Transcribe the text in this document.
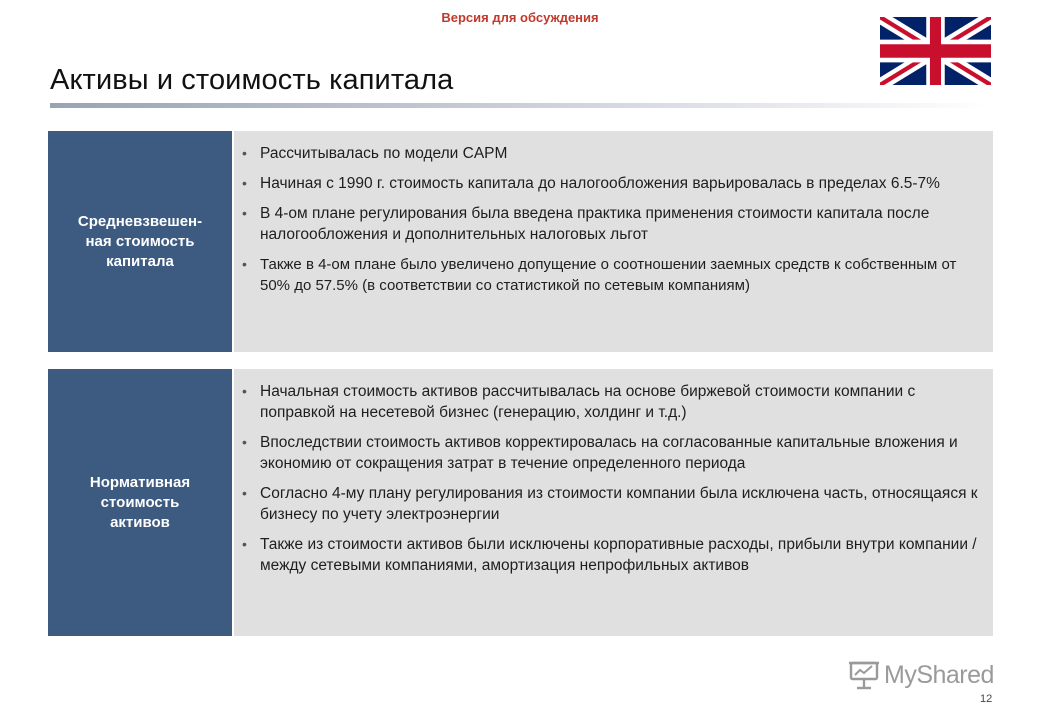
Версия для обсуждения
Активы и стоимость капитала
Средневзвешен-
ная стоимость
капитала
• Рассчитывалась по модели CAPM
• Начиная с 1990 г. стоимость капитала до налогообложения варьировалась в пределах 6.5-7%
• В 4-ом плане регулирования была введена практика применения стоимости капитала после налогообложения и дополнительных налоговых льгот
• Также в 4-ом плане было увеличено допущение о соотношении заемных средств к собственным от 50% до 57.5% (в соответствии со статистикой по сетевым компаниям)
Нормативная
стоимость
активов
• Начальная стоимость активов рассчитывалась на основе биржевой стоимости компании с поправкой на несетевой бизнес (генерацию, холдинг и т.д.)
• Впоследствии стоимость активов корректировалась на согласованные капитальные вложения и экономию от сокращения затрат в течение определенного периода
• Согласно 4-му плану регулирования из стоимости компании была исключена часть, относящаяся к бизнесу по учету электроэнергии
• Также из стоимости активов были исключены корпоративные расходы, прибыли внутри компании / между сетевыми компаниями, амортизация непрофильных активов
MyShared
12
